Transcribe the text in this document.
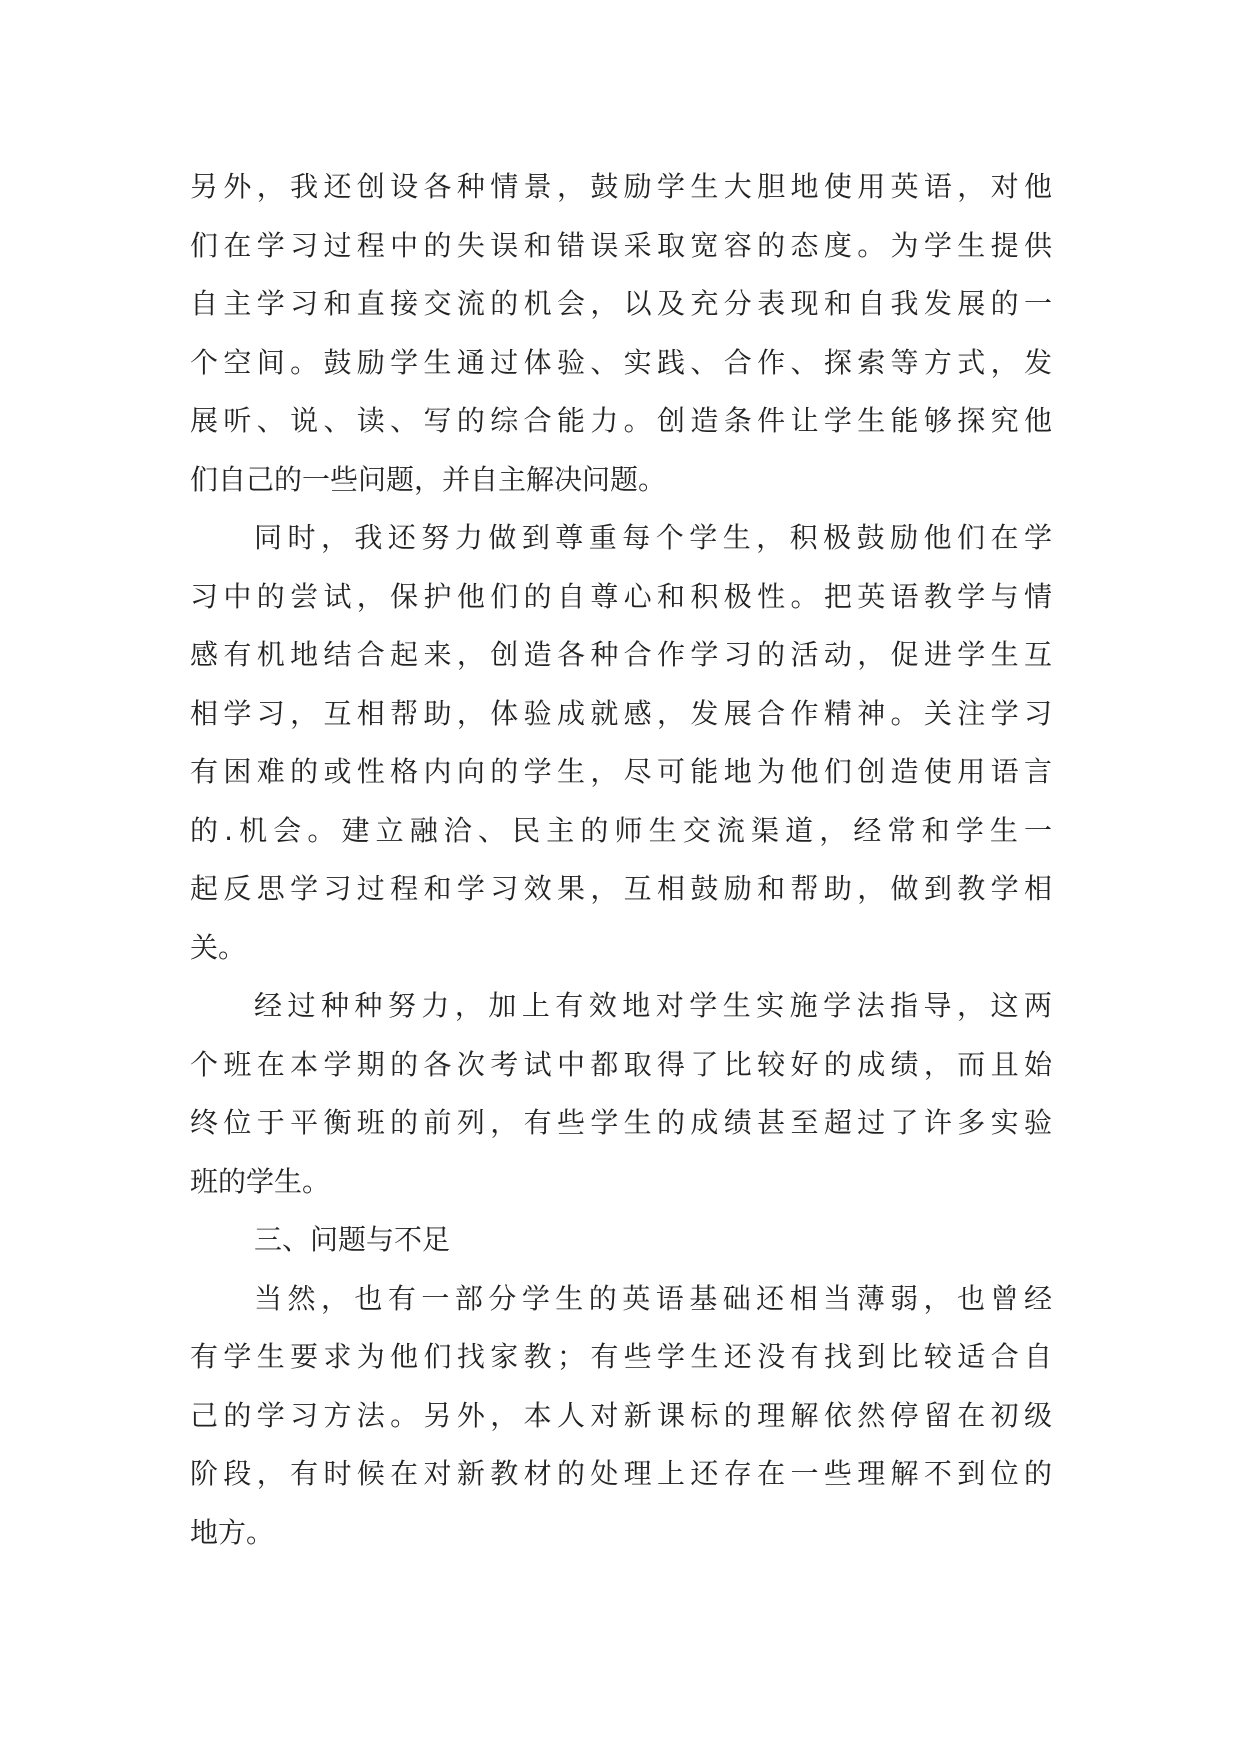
另外，我还创设各种情景，鼓励学生大胆地使用英语，对他
们在学习过程中的失误和错误采取宽容的态度。为学生提供
自主学习和直接交流的机会，以及充分表现和自我发展的一
个空间。鼓励学生通过体验、实践、合作、探索等方式，发
展听、说、读、写的综合能力。创造条件让学生能够探究他
们自己的一些问题，并自主解决问题。
同时，我还努力做到尊重每个学生，积极鼓励他们在学
习中的尝试，保护他们的自尊心和积极性。把英语教学与情
感有机地结合起来，创造各种合作学习的活动，促进学生互
相学习，互相帮助，体验成就感，发展合作精神。关注学习
有困难的或性格内向的学生，尽可能地为他们创造使用语言
的.机会。建立融洽、民主的师生交流渠道，经常和学生一
起反思学习过程和学习效果，互相鼓励和帮助，做到教学相
关。
经过种种努力，加上有效地对学生实施学法指导，这两
个班在本学期的各次考试中都取得了比较好的成绩，而且始
终位于平衡班的前列，有些学生的成绩甚至超过了许多实验
班的学生。
三、问题与不足
当然，也有一部分学生的英语基础还相当薄弱，也曾经
有学生要求为他们找家教；有些学生还没有找到比较适合自
己的学习方法。另外，本人对新课标的理解依然停留在初级
阶段，有时候在对新教材的处理上还存在一些理解不到位的
地方。
